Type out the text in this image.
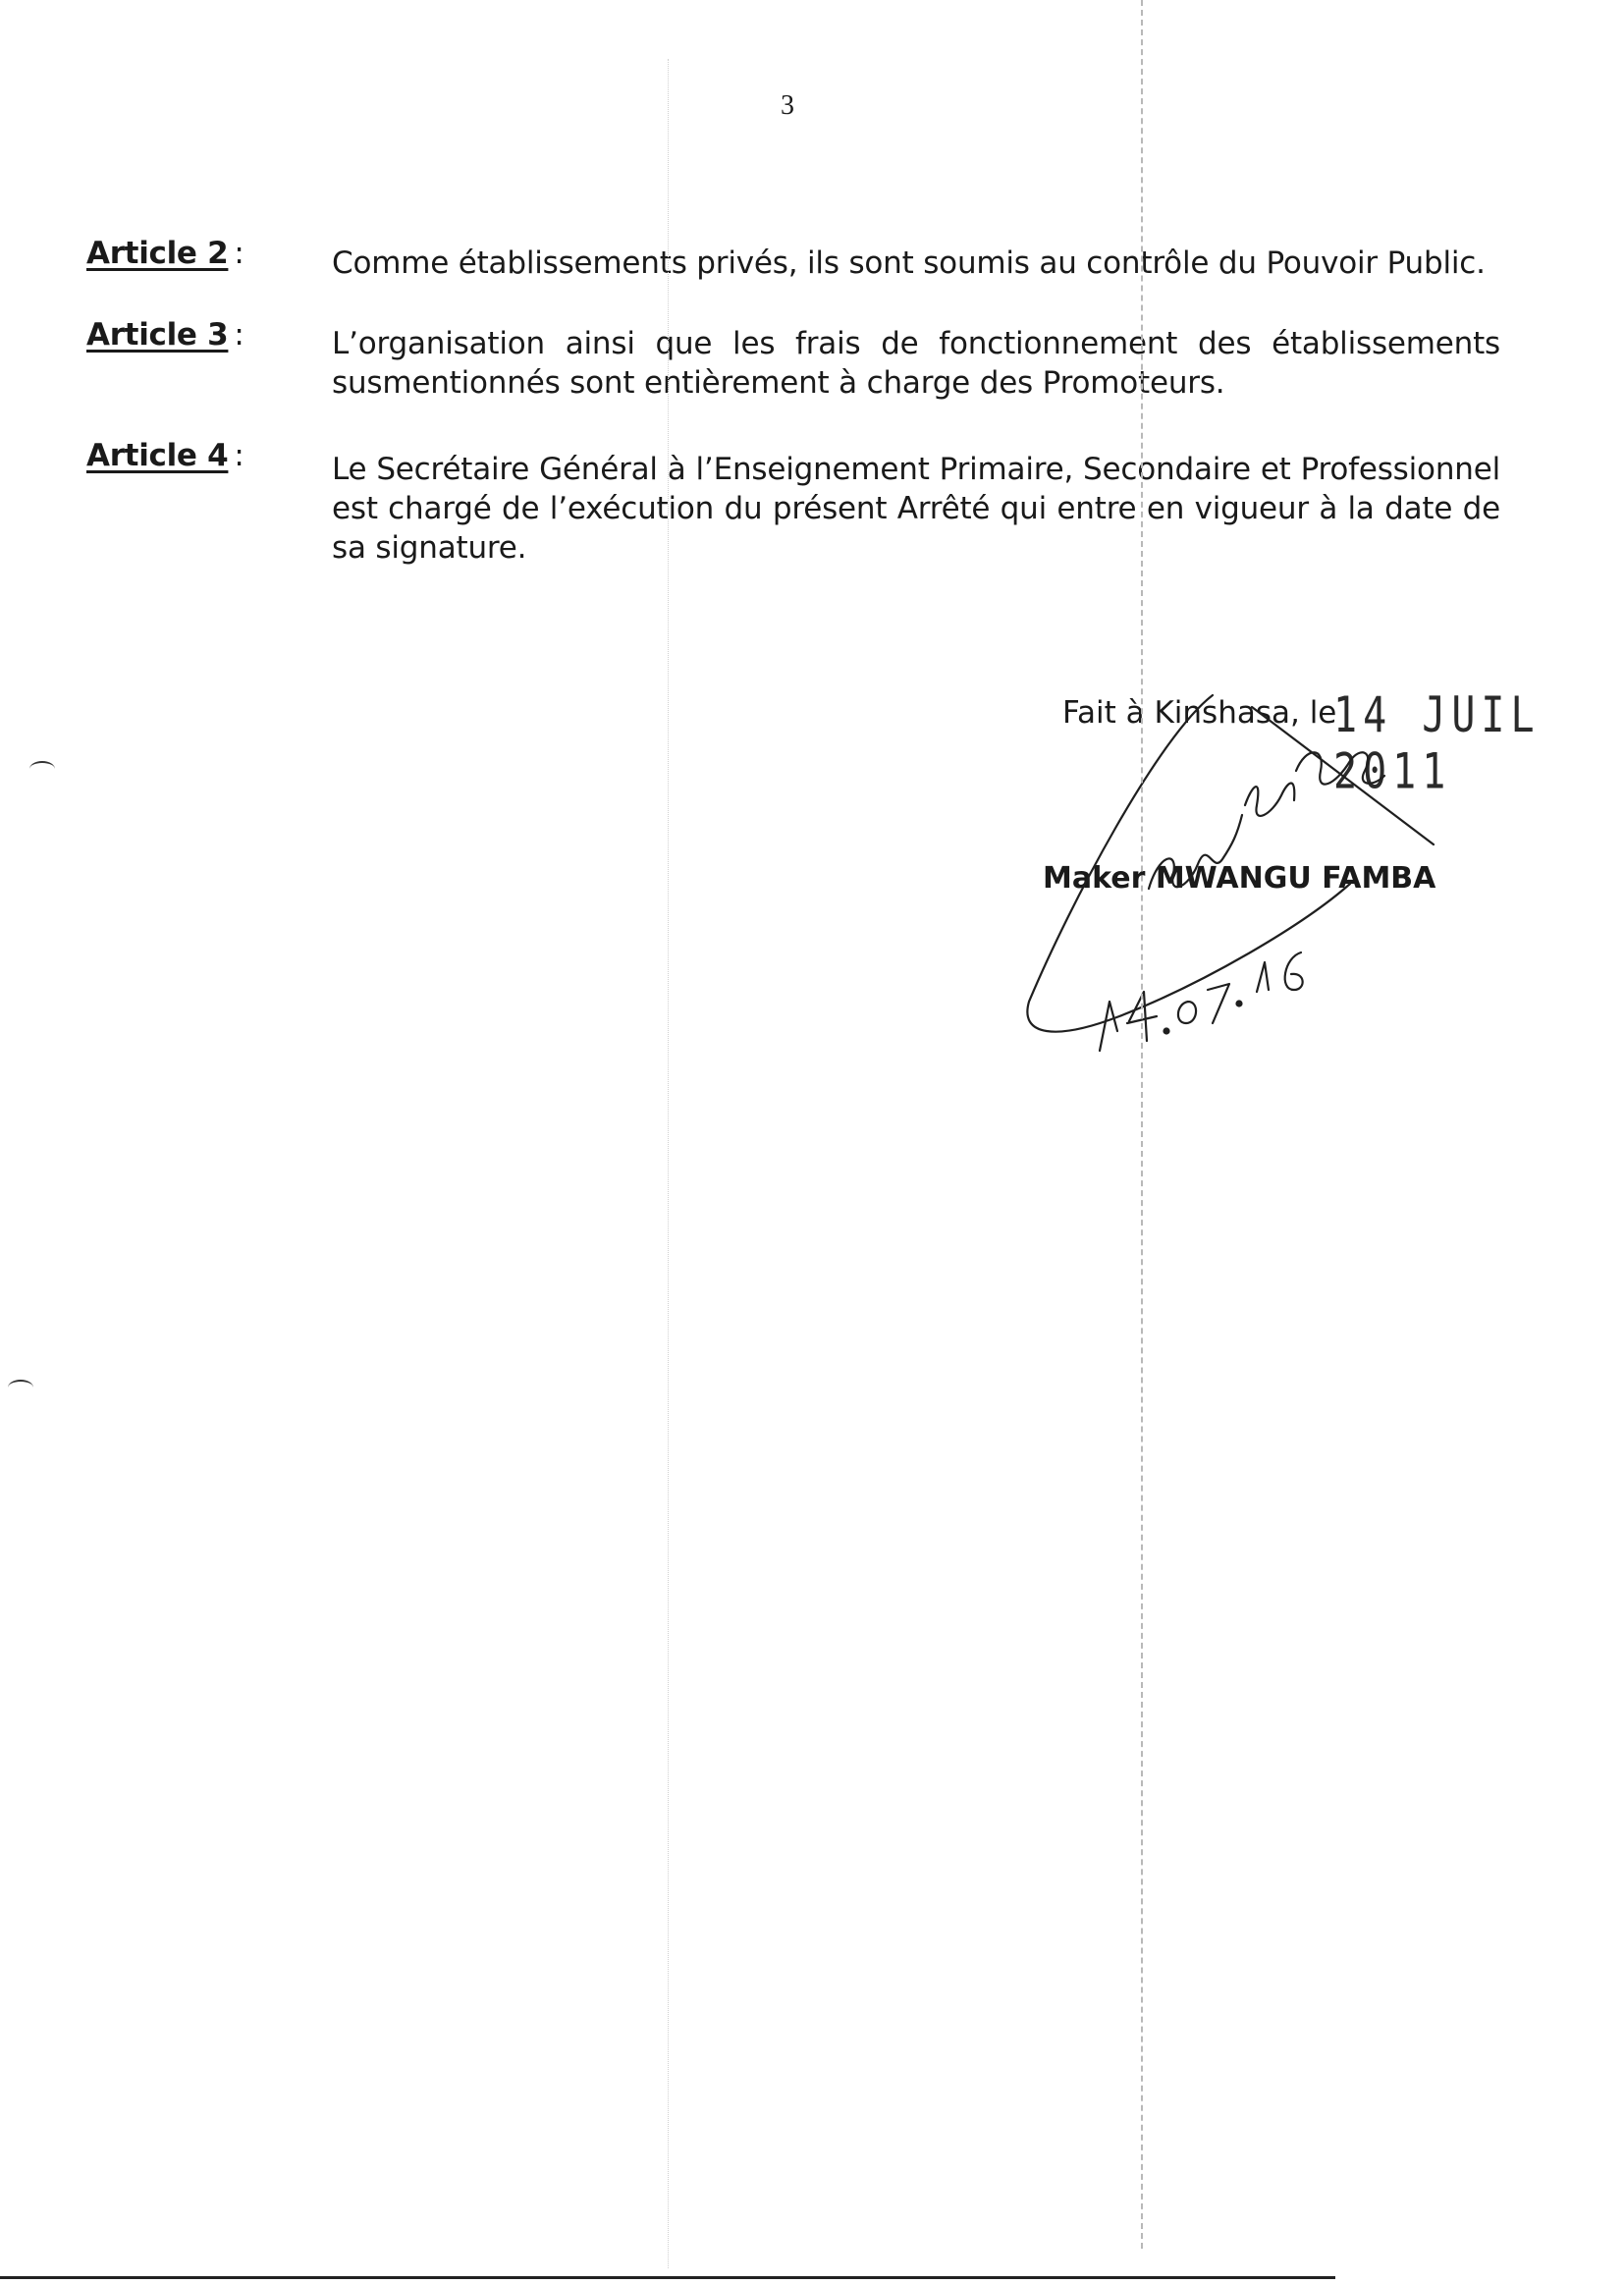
3
Article 2 :	Comme établissements privés, ils sont soumis au contrôle du Pouvoir Public.
Article 3 :	L’organisation ainsi que les frais de fonctionnement des établissements susmentionnés sont entièrement à charge des Promoteurs.
Article 4 :	Le Secrétaire Général à l’Enseignement Primaire, Secondaire et Professionnel est chargé de l’exécution du présent Arrêté qui entre en vigueur à la date de sa signature.
Fait à Kinshasa, le
14 JUIL 2011
Maker MWANGU FAMBA
